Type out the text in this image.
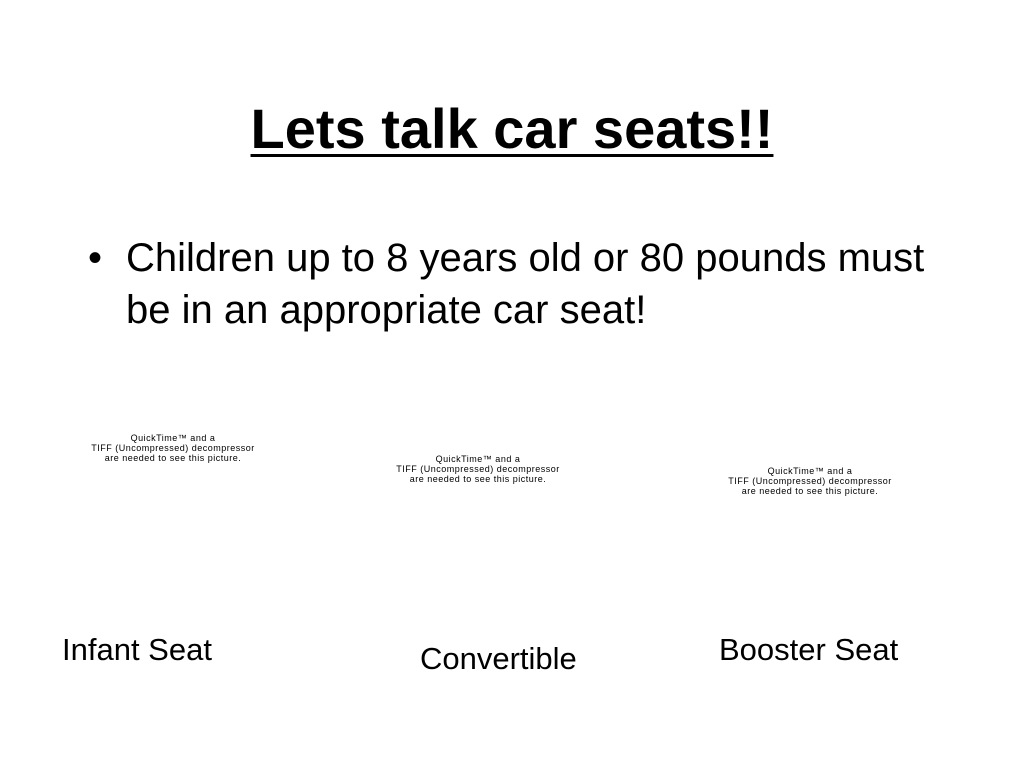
Lets talk car seats!!
• Children up to 8 years old or 80 pounds must be in an appropriate car seat!
QuickTime™ and a
TIFF (Uncompressed) decompressor
are needed to see this picture.	QuickTime™ and a
TIFF (Uncompressed) decompressor
are needed to see this picture.
QuickTime™ and a
TIFF (Uncompressed) decompressor
are needed to see this picture.
Infant Seat	Convertible	Booster Seat
